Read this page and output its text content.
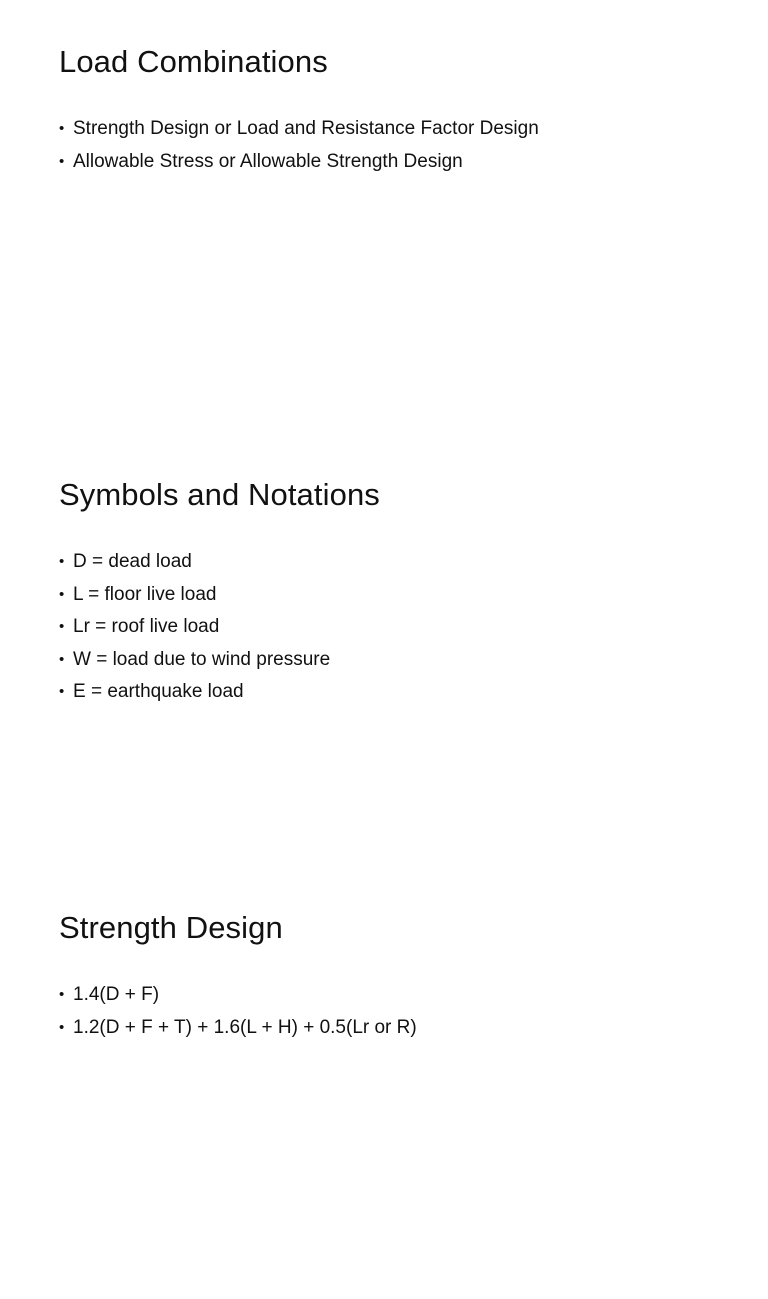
Load Combinations
• Strength Design or Load and Resistance Factor Design
• Allowable Stress or Allowable Strength Design
Symbols and Notations
• D = dead load
• L = floor live load
• Lr = roof live load
• W = load due to wind pressure
• E = earthquake load
Strength Design
• 1.4(D + F)
• 1.2(D + F + T) + 1.6(L + H) + 0.5(Lr or R)
